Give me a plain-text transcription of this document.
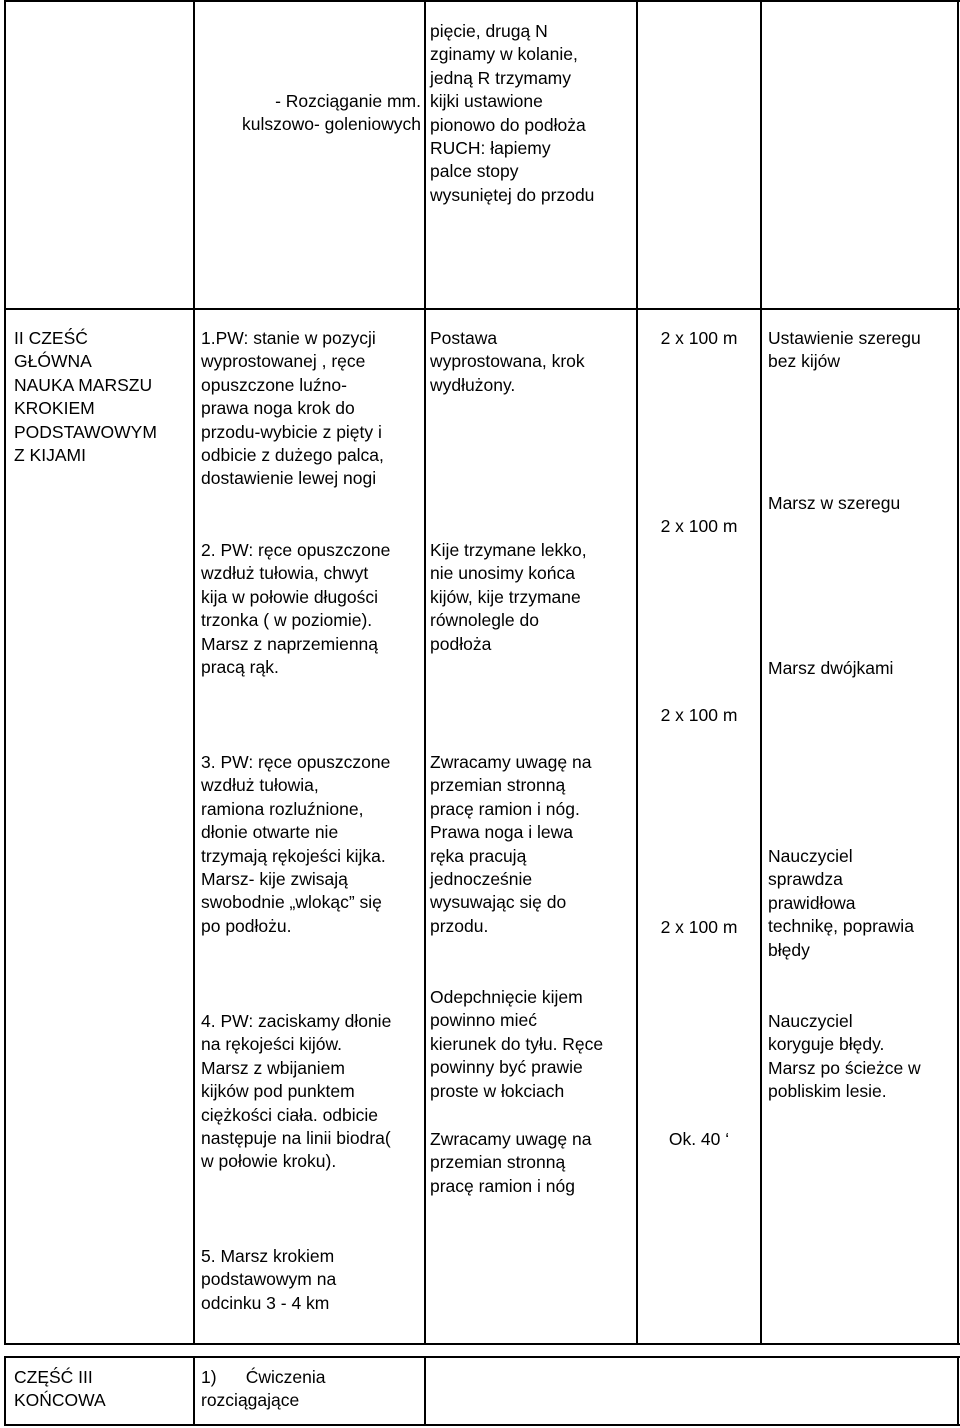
- Rozciąganie mm.
kulszowo- goleniowych
pięcie, drugą N
zginamy w kolanie,
jedną R trzymamy
kijki ustawione
pionowo do podłoża
RUCH: łapiemy
palce stopy
wysuniętej do przodu
II CZEŚĆ
GŁÓWNA
NAUKA MARSZU
KROKIEM
PODSTAWOWYM
Z KIJAMI
1.PW: stanie w pozycji
wyprostowanej , ręce
opuszczone luźno-
prawa noga krok do
przodu-wybicie z pięty i
odbicie z dużego palca,
dostawienie lewej nogi
2. PW: ręce opuszczone
wzdłuż tułowia, chwyt
kija w połowie długości
trzonka ( w poziomie).
Marsz z naprzemienną
pracą rąk.
3. PW: ręce opuszczone
wzdłuż tułowia,
ramiona rozluźnione,
dłonie otwarte nie
trzymają rękojeści kijka.
Marsz- kije zwisają
swobodnie „wlokąc” się
po podłożu.
4. PW: zaciskamy dłonie
na rękojeści kijów.
Marsz z wbijaniem
kijków pod punktem
ciężkości ciała. odbicie
następuje na linii biodra(
w połowie kroku).
5. Marsz krokiem
podstawowym na
odcinku 3 - 4 km
Postawa
wyprostowana, krok
wydłużony.
Kije trzymane lekko,
nie unosimy końca
kijów, kije trzymane
równolegle do
podłoża
Zwracamy uwagę na
przemian stronną
pracę ramion i nóg.
Prawa noga i lewa
ręka pracują
jednocześnie
wysuwając się do
przodu.
Odepchnięcie kijem
powinno mieć
kierunek do tyłu. Ręce
powinny być prawie
proste w łokciach
Zwracamy uwagę na
przemian stronną
pracę ramion i nóg
2 x 100 m
2 x 100 m
2 x 100 m
2 x 100 m
Ok. 40 ‘
Ustawienie szeregu
bez kijów
Marsz w szeregu
Marsz dwójkami
Nauczyciel
sprawdza
prawidłowa
technikę, poprawia
błędy
Nauczyciel
koryguje błędy.
Marsz po ścieżce w
pobliskim lesie.
CZĘŚĆ III
KOŃCOWA
1)      Ćwiczenia
rozciągające
